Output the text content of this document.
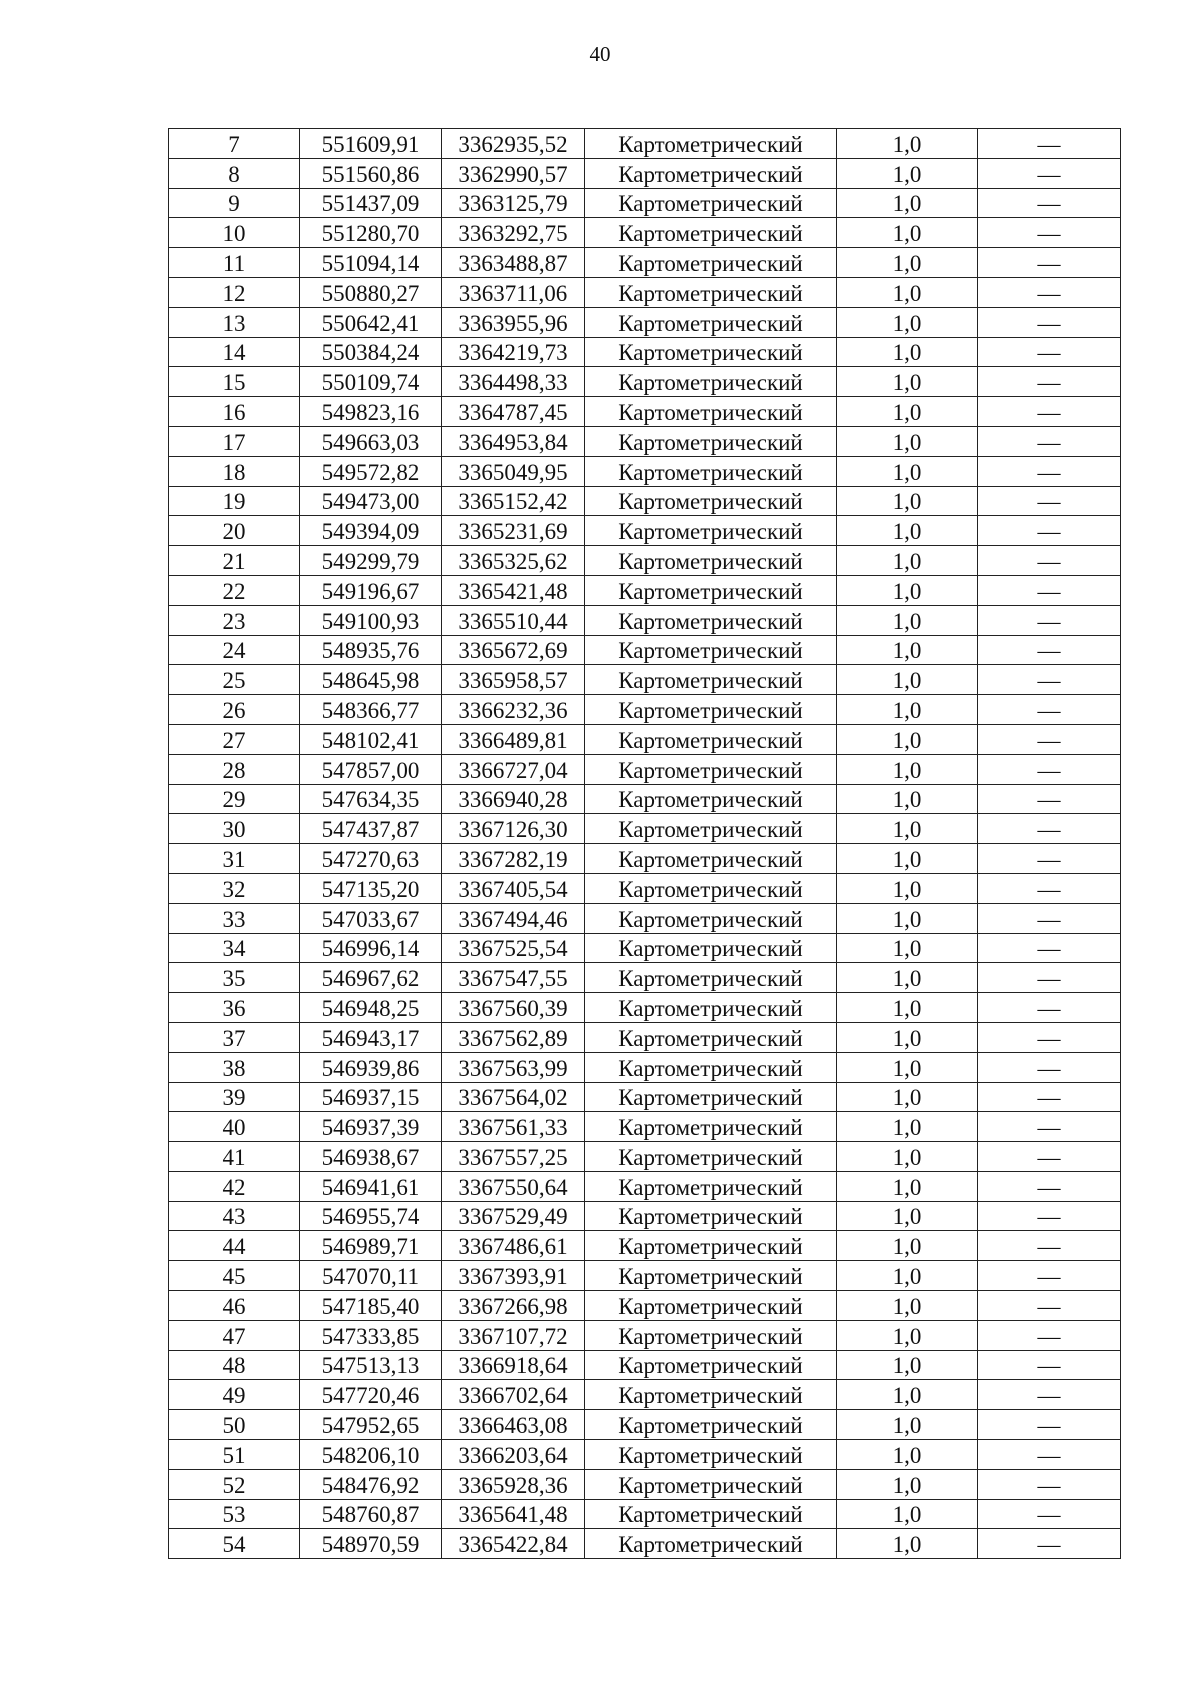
40
7	551609,91	3362935,52	Картометрический	1,0	—
8	551560,86	3362990,57	Картометрический	1,0	—
9	551437,09	3363125,79	Картометрический	1,0	—
10	551280,70	3363292,75	Картометрический	1,0	—
11	551094,14	3363488,87	Картометрический	1,0	—
12	550880,27	3363711,06	Картометрический	1,0	—
13	550642,41	3363955,96	Картометрический	1,0	—
14	550384,24	3364219,73	Картометрический	1,0	—
15	550109,74	3364498,33	Картометрический	1,0	—
16	549823,16	3364787,45	Картометрический	1,0	—
17	549663,03	3364953,84	Картометрический	1,0	—
18	549572,82	3365049,95	Картометрический	1,0	—
19	549473,00	3365152,42	Картометрический	1,0	—
20	549394,09	3365231,69	Картометрический	1,0	—
21	549299,79	3365325,62	Картометрический	1,0	—
22	549196,67	3365421,48	Картометрический	1,0	—
23	549100,93	3365510,44	Картометрический	1,0	—
24	548935,76	3365672,69	Картометрический	1,0	—
25	548645,98	3365958,57	Картометрический	1,0	—
26	548366,77	3366232,36	Картометрический	1,0	—
27	548102,41	3366489,81	Картометрический	1,0	—
28	547857,00	3366727,04	Картометрический	1,0	—
29	547634,35	3366940,28	Картометрический	1,0	—
30	547437,87	3367126,30	Картометрический	1,0	—
31	547270,63	3367282,19	Картометрический	1,0	—
32	547135,20	3367405,54	Картометрический	1,0	—
33	547033,67	3367494,46	Картометрический	1,0	—
34	546996,14	3367525,54	Картометрический	1,0	—
35	546967,62	3367547,55	Картометрический	1,0	—
36	546948,25	3367560,39	Картометрический	1,0	—
37	546943,17	3367562,89	Картометрический	1,0	—
38	546939,86	3367563,99	Картометрический	1,0	—
39	546937,15	3367564,02	Картометрический	1,0	—
40	546937,39	3367561,33	Картометрический	1,0	—
41	546938,67	3367557,25	Картометрический	1,0	—
42	546941,61	3367550,64	Картометрический	1,0	—
43	546955,74	3367529,49	Картометрический	1,0	—
44	546989,71	3367486,61	Картометрический	1,0	—
45	547070,11	3367393,91	Картометрический	1,0	—
46	547185,40	3367266,98	Картометрический	1,0	—
47	547333,85	3367107,72	Картометрический	1,0	—
48	547513,13	3366918,64	Картометрический	1,0	—
49	547720,46	3366702,64	Картометрический	1,0	—
50	547952,65	3366463,08	Картометрический	1,0	—
51	548206,10	3366203,64	Картометрический	1,0	—
52	548476,92	3365928,36	Картометрический	1,0	—
53	548760,87	3365641,48	Картометрический	1,0	—
54	548970,59	3365422,84	Картометрический	1,0	—
